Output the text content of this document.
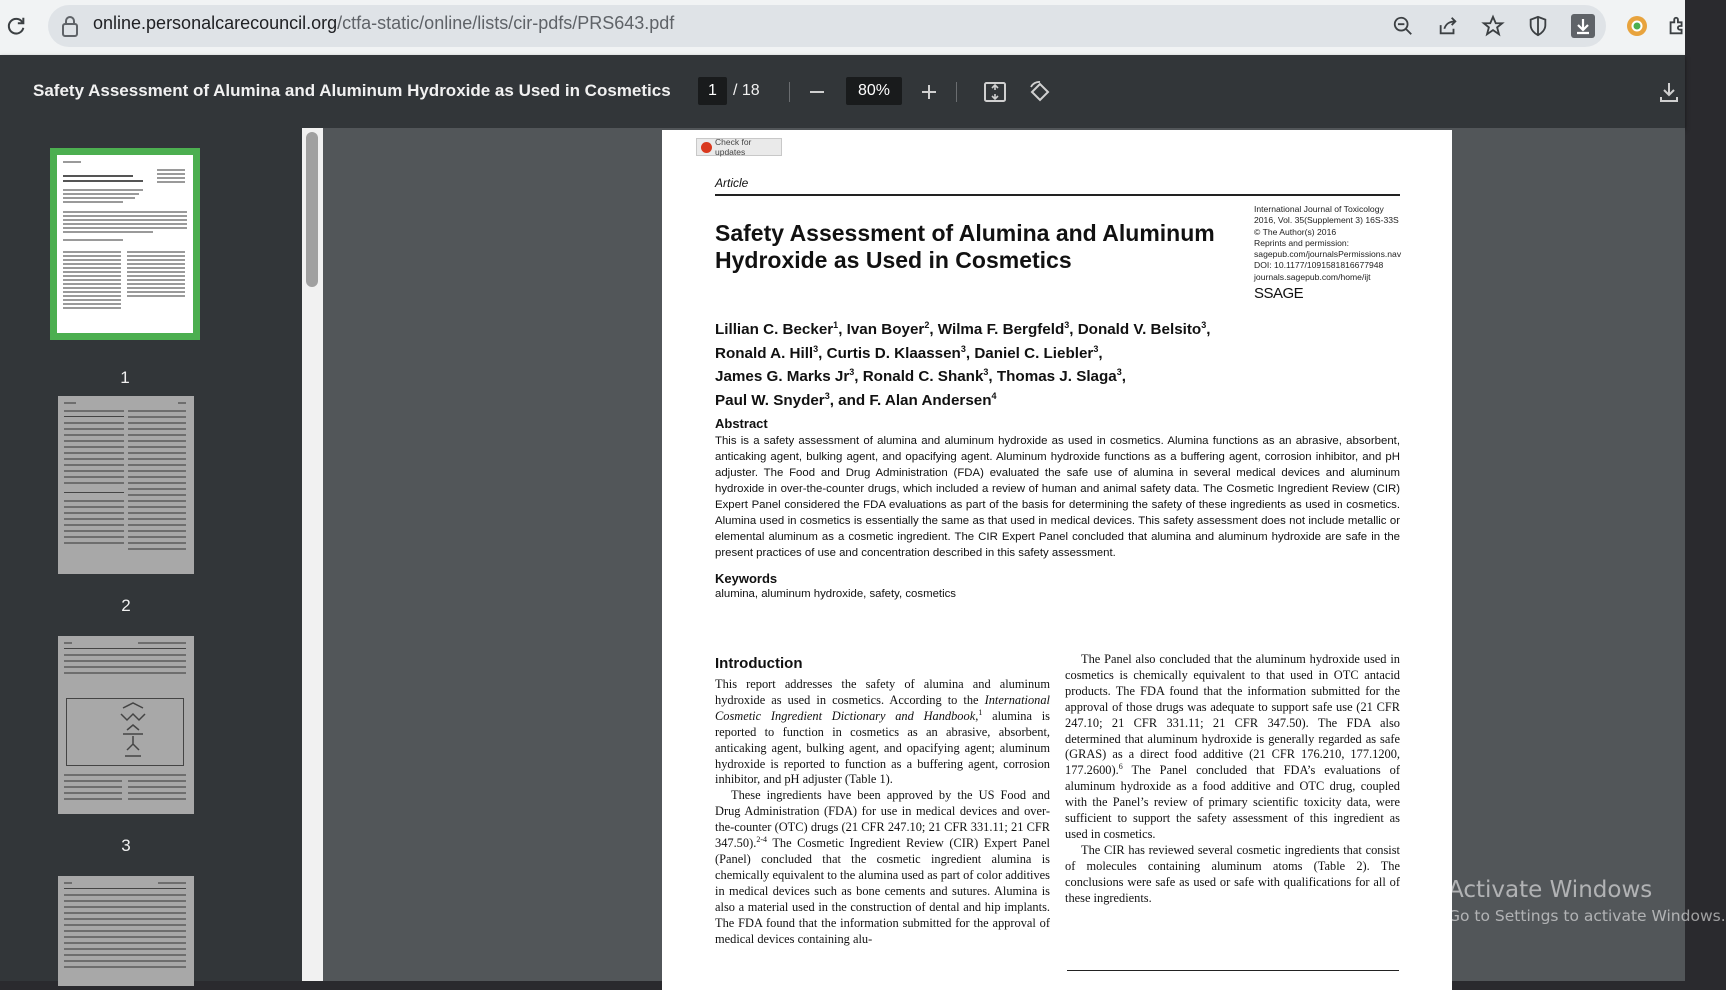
online.personalcarecouncil.org/ctfa-static/online/lists/cir-pdfs/PRS643.pdf
Safety Assessment of Alumina and Aluminum Hydroxide as Used in Cosmetics
1	/ 18	80%
1
2
3
Check for updates
Article
Safety Assessment of Alumina and Aluminum Hydroxide as Used in Cosmetics
International Journal of Toxicology
2016, Vol. 35(Supplement 3) 16S-33S
© The Author(s) 2016
Reprints and permission:
sagepub.com/journalsPermissions.nav
DOI: 10.1177/1091581816677948
journals.sagepub.com/home/ijt
SSAGE
Lillian C. Becker$^1$, Ivan Boyer$^2$, Wilma F. Bergfeld$^3$, Donald V. Belsito$^3$,
Ronald A. Hill$^3$, Curtis D. Klaassen$^3$, Daniel C. Liebler$^3$,
James G. Marks Jr$^3$, Ronald C. Shank$^3$, Thomas J. Slaga$^3$,
Paul W. Snyder$^3$, and F. Alan Andersen$^4$
Abstract
This is a safety assessment of alumina and aluminum hydroxide as used in cosmetics. Alumina functions as an abrasive, absorbent, anticaking agent, bulking agent, and opacifying agent. Aluminum hydroxide functions as a buffering agent, corrosion inhibitor, and pH adjuster. The Food and Drug Administration (FDA) evaluated the safe use of alumina in several medical devices and aluminum hydroxide in over-the-counter drugs, which included a review of human and animal safety data. The Cosmetic Ingredient Review (CIR) Expert Panel considered the FDA evaluations as part of the basis for determining the safety of these ingredients as used in cosmetics. Alumina used in cosmetics is essentially the same as that used in medical devices. This safety assessment does not include metallic or elemental aluminum as a cosmetic ingredient. The CIR Expert Panel concluded that alumina and aluminum hydroxide are safe in the present practices of use and concentration described in this safety assessment.
Keywords
alumina, aluminum hydroxide, safety, cosmetics
Introduction

This report addresses the safety of alumina and aluminum hydroxide as used in cosmetics. According to the International Cosmetic Ingredient Dictionary and Handbook,$^1$ alumina is reported to function in cosmetics as an abrasive, absorbent, anticaking agent, bulking agent, and opacifying agent; aluminum hydroxide is reported to function as a buffering agent, corrosion inhibitor, and pH adjuster (Table 1).

These ingredients have been approved by the US Food and Drug Administration (FDA) for use in medical devices and over-the-counter (OTC) drugs (21 CFR 247.10; 21 CFR 331.11; 21 CFR 347.50).$^{2-4}$ The Cosmetic Ingredient Review (CIR) Expert Panel (Panel) concluded that the cosmetic ingredient alumina is chemically equivalent to the alumina used as part of color additives in medical devices such as bone cements and sutures. Alumina is also a material used in the construction of dental and hip implants. The FDA found that the information submitted for the approval of medical devices containing alu-

The Panel also concluded that the aluminum hydroxide used in cosmetics is chemically equivalent to that used in OTC antacid products. The FDA found that the information submitted for the approval of those drugs was adequate to support safe use (21 CFR 247.10; 21 CFR 331.11; 21 CFR 347.50). The FDA also determined that aluminum hydroxide is generally regarded as safe (GRAS) as a direct food additive (21 CFR 176.210, 177.1200, 177.2600).$^6$ The Panel concluded that FDA’s evaluations of aluminum hydroxide as a food additive and OTC drug, coupled with the Panel’s review of primary scientific toxicity data, were sufficient to support the safety assessment of this ingredient as used in cosmetics.

The CIR has reviewed several cosmetic ingredients that consist of molecules containing aluminum atoms (Table 2). The conclusions were safe as used or safe with qualifications for all of these ingredients.	Activate Windows
Go to Settings to activate Windows.
